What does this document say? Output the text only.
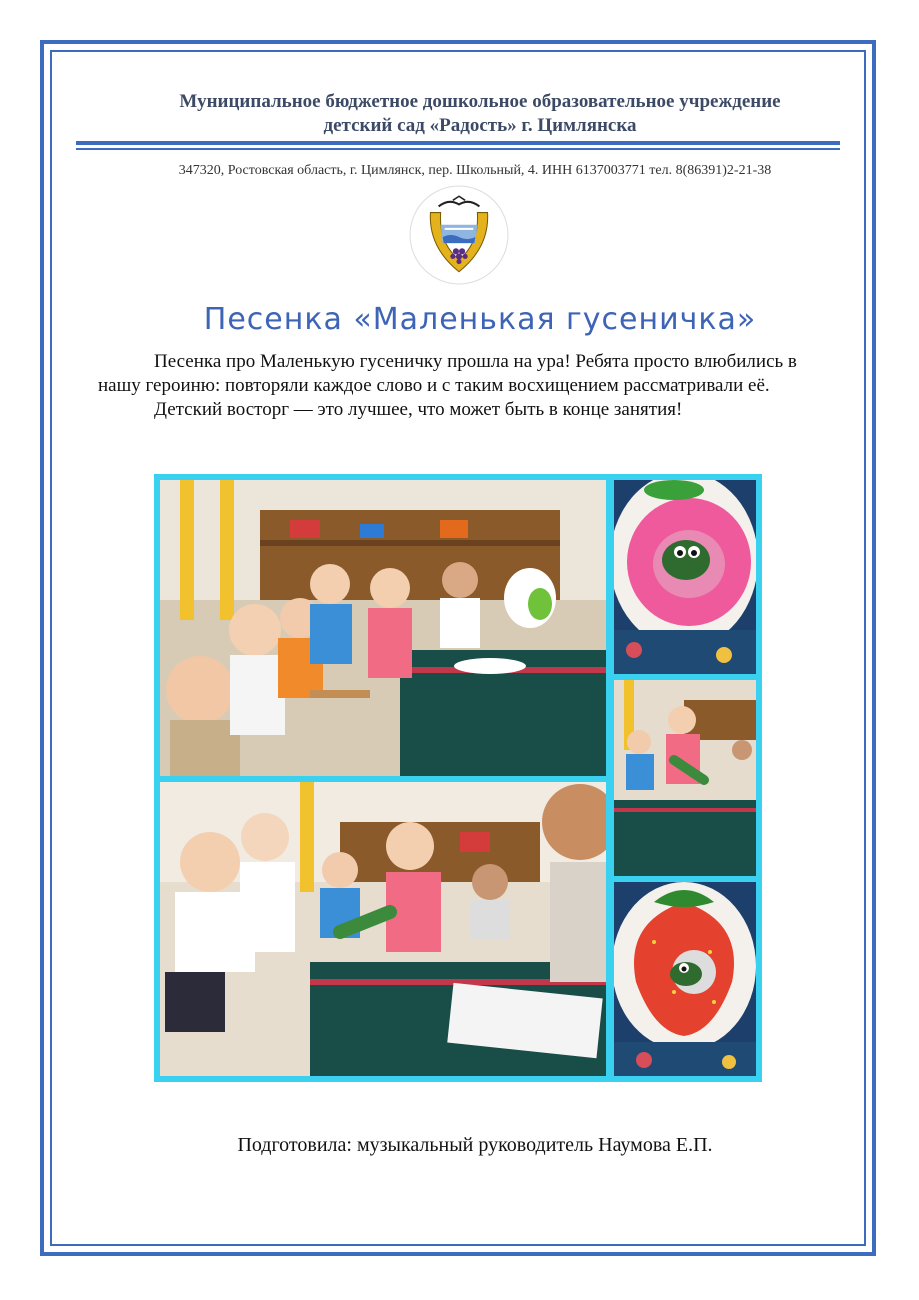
Муниципальное бюджетное дошкольное образовательное учреждение
детский сад «Радость» г. Цимлянска
347320, Ростовская область, г. Цимлянск, пер. Школьный, 4. ИНН 6137003771 тел. 8(86391)2-21-38
Песенка «Маленькая гусеничка»

Песенка про Маленькую гусеничку прошла на ура! Ребята просто влюбились в нашу героиню: повторяли каждое слово и с таким восхищением рассматривали её.

Детский восторг — это лучшее, что может быть в конце занятия!

Подготовила: музыкальный руководитель Наумова Е.П.
